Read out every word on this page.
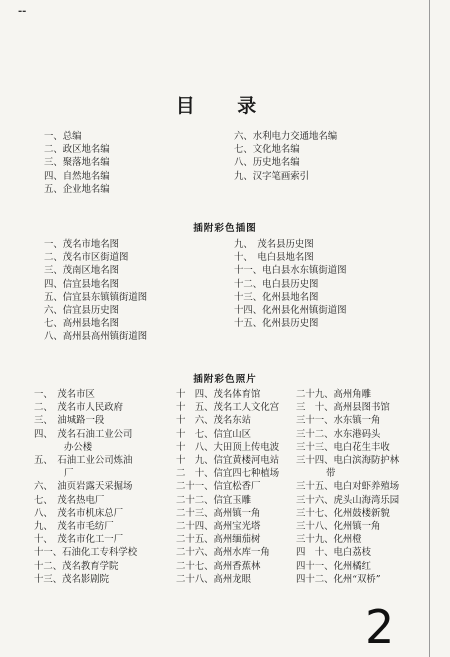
--
目 录
一、总编
二、政区地名编
三、聚落地名编
四、自然地名编
五、企业地名编
六、水利电力交通地名编
七、文化地名编
八、历史地名编
九、汉字笔画索引
插附彩色插图
一、茂名市地名图
二、茂名市区街道图
三、茂南区地名图
四、信宜县地名图
五、信宜县东镇镇街道图
六、信宜县历史图
七、高州县地名图
八、高州县高州镇街道图
九、　茂名县历史图
十、　电白县地名图
十一、电白县水东镇街道图
十二、电白县历史图
十三、化州县地名图
十四、化州县化州镇街道图
十五、化州县历史图
插附彩色照片
一、　茂名市区
二、　茂名市人民政府
三、　油城路一段
四、　茂名石油工业公司
办公楼
五、　石油工业公司炼油
厂
六、　油页岩露天采掘场
七、　茂名热电厂
八、　茂名市机床总厂
九、　茂名市毛纺厂
十、　茂名市化工一厂
十一、石油化工专科学校
十二、茂名教育学院
十三、茂名影剧院
十　四、茂名体育馆
十　五、茂名工人文化宫
十　六、茂名东站
十　七、信宜山区
十　八、大田顶上传电波
十　九、信宜黄楼河电站
二　十、信宜四七种植场
二十一、信宜松香厂
二十二、信宜玉雕
二十三、高州镇一角
二十四、高州宝光塔
二十五、高州缅茄树
二十六、高州水库一角
二十七、高州香蕉林
二十八、高州龙眼
二十九、高州角雕
三　十、高州县图书馆
三十一、水东镇一角
三十二、水东港码头
三十三、电白花生丰收
三十四、电白滨海防护林
带
三十五、电白对虾养殖场
三十六、虎头山海湾乐园
三十七、化州鼓楼新貌
三十八、化州镇一角
三十九、化州橙
四　十、电白荔枝
四十一、化州橘红
四十二、化州“双桥”
2
